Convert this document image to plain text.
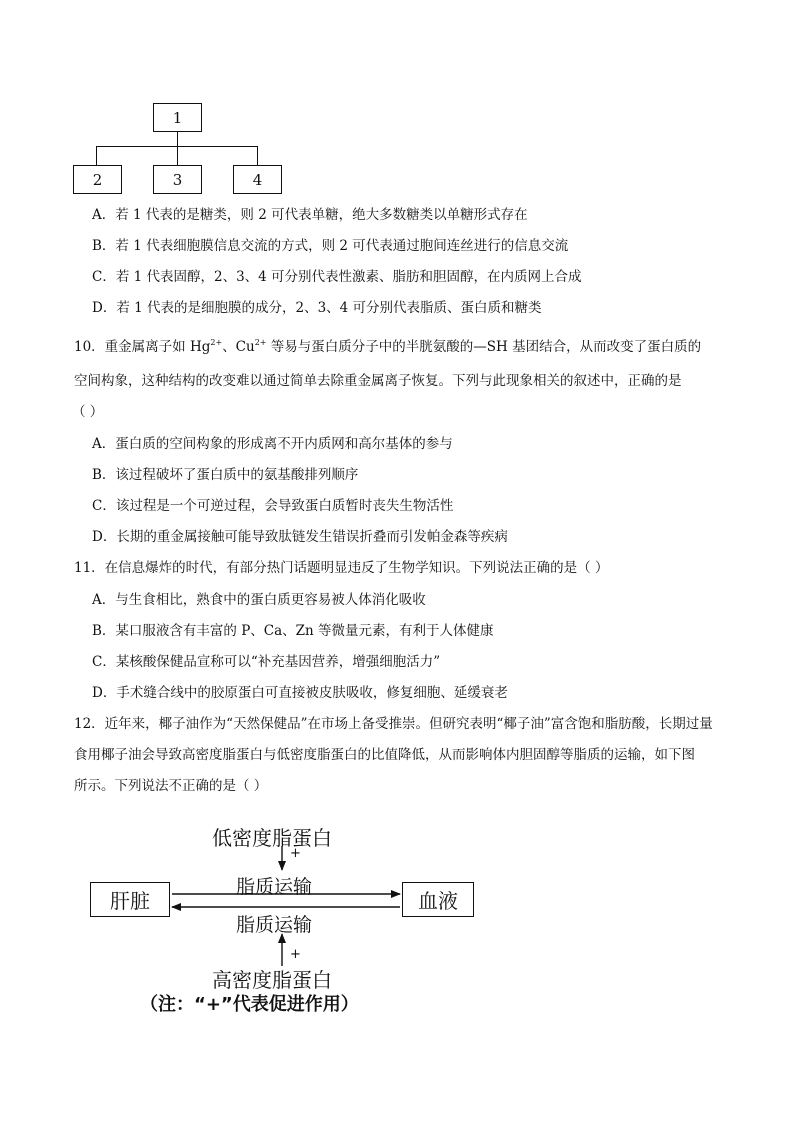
1
2	3	4
A．若 1 代表的是糖类，则 2 可代表单糖，绝大多数糖类以单糖形式存在
B．若 1 代表细胞膜信息交流的方式，则 2 可代表通过胞间连丝进行的信息交流
C．若 1 代表固醇，2、3、4 可分别代表性激素、脂肪和胆固醇，在内质网上合成
D．若 1 代表的是细胞膜的成分，2、3、4 可分别代表脂质、蛋白质和糖类
10．重金属离子如 $Hg^{2+}$、$Cu^{2+}$ 等易与蛋白质分子中的半胱氨酸的—SH 基团结合，从而改变了蛋白质的
空间构象，这种结构的改变难以通过简单去除重金属离子恢复。下列与此现象相关的叙述中，正确的是
（ ）
A．蛋白质的空间构象的形成离不开内质网和高尔基体的参与
B．该过程破坏了蛋白质中的氨基酸排列顺序
C．该过程是一个可逆过程，会导致蛋白质暂时丧失生物活性
D．长期的重金属接触可能导致肽链发生错误折叠而引发帕金森等疾病
11．在信息爆炸的时代，有部分热门话题明显违反了生物学知识。下列说法正确的是（ ）
A．与生食相比，熟食中的蛋白质更容易被人体消化吸收
B．某口服液含有丰富的 P、Ca、Zn 等微量元素，有利于人体健康
C．某核酸保健品宣称可以“补充基因营养，增强细胞活力”
D．手术缝合线中的胶原蛋白可直接被皮肤吸收，修复细胞、延缓衰老
12．近年来，椰子油作为“天然保健品”在市场上备受推崇。但研究表明“椰子油”富含饱和脂肪酸，长期过量
食用椰子油会导致高密度脂蛋白与低密度脂蛋白的比值降低，从而影响体内胆固醇等脂质的运输，如下图
所示。下列说法不正确的是（ ）
低密度脂蛋白
+
+
肝脏	血液
脂质运输
脂质运输
高密度脂蛋白
（注：“+”代表促进作用）
